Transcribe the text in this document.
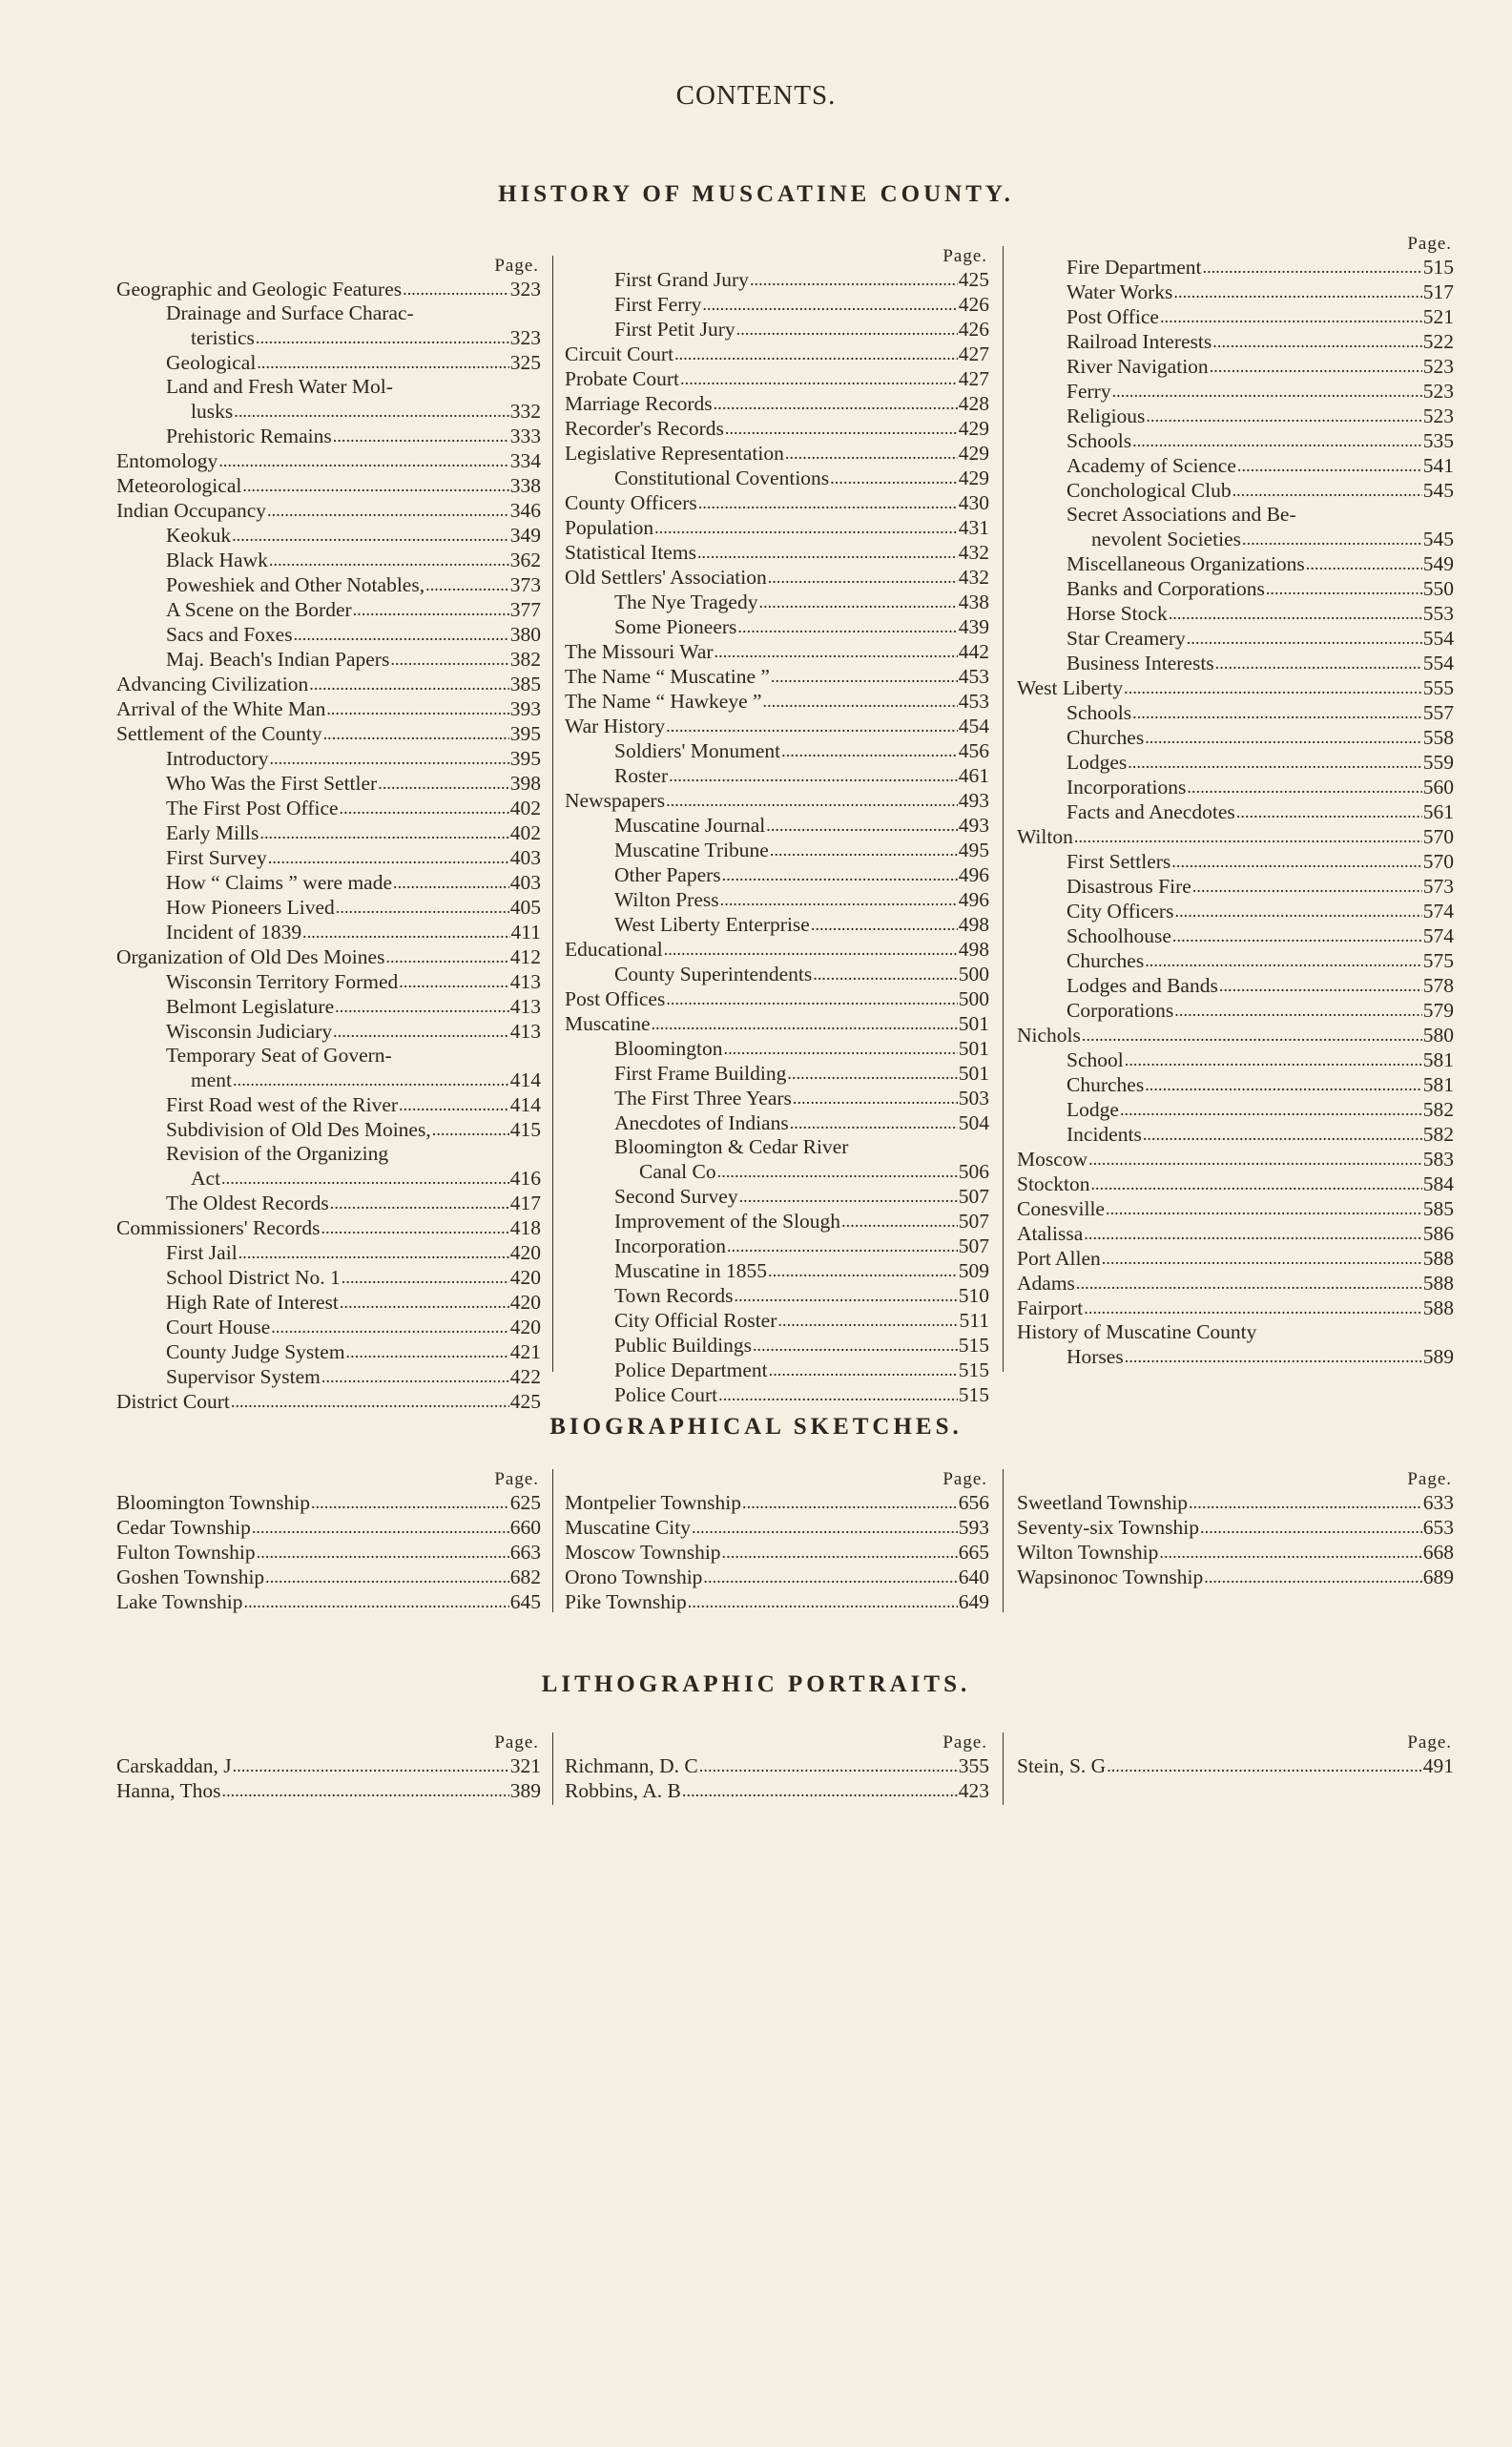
CONTENTS.
HISTORY OF MUSCATINE COUNTY.
Page.
Geographic and Geologic Features . . .	323
Drainage and Surface Charac-
teristics . . .	323
Geological . . .	325
Land and Fresh Water Mol-
lusks . . .	332
Prehistoric Remains . . .	333
Entomology . . .	334
Meteorological . . .	338
Indian Occupancy . . .	346
Keokuk . . .	349
Black Hawk . . .	362
Poweshiek and Other Notables, . . .	373
A Scene on the Border . . .	377
Sacs and Foxes . . .	380
Maj. Beach's Indian Papers . . .	382
Advancing Civilization . . .	385
Arrival of the White Man . . .	393
Settlement of the County . . .	395
Introductory . . .	395
Who Was the First Settler . . .	398
The First Post Office . . .	402
Early Mills . . .	402
First Survey . . .	403
How “ Claims ” were made . . .	403
How Pioneers Lived . . .	405
Incident of 1839 . . .	411
Organization of Old Des Moines . . .	412
Wisconsin Territory Formed . . .	413
Belmont Legislature . . .	413
Wisconsin Judiciary . . .	413
Temporary Seat of Govern-
ment . . .	414
First Road west of the River . . .	414
Subdivision of Old Des Moines, . . .	415
Revision of the Organizing
Act . . .	416
The Oldest Records . . .	417
Commissioners' Records . . .	418
First Jail . . .	420
School District No. 1 . . .	420
High Rate of Interest . . .	420
Court House . . .	420
County Judge System . . .	421
Supervisor System . . .	422
District Court . . .	425
Page.
First Grand Jury . . .	425
First Ferry . . .	426
First Petit Jury . . .	426
Circuit Court . . .	427
Probate Court . . .	427
Marriage Records . . .	428
Recorder's Records . . .	429
Legislative Representation . . .	429
Constitutional Coventions . . .	429
County Officers . . .	430
Population . . .	431
Statistical Items . . .	432
Old Settlers' Association . . .	432
The Nye Tragedy . . .	438
Some Pioneers . . .	439
The Missouri War . . .	442
The Name “ Muscatine ” . . .	453
The Name “ Hawkeye ” . . .	453
War History . . .	454
Soldiers' Monument . . .	456
Roster . . .	461
Newspapers . . .	493
Muscatine Journal . . .	493
Muscatine Tribune . . .	495
Other Papers . . .	496
Wilton Press . . .	496
West Liberty Enterprise . . .	498
Educational . . .	498
County Superintendents . . .	500
Post Offices . . .	500
Muscatine . . .	501
Bloomington . . .	501
First Frame Building . . .	501
The First Three Years . . .	503
Anecdotes of Indians . . .	504
Bloomington & Cedar River
Canal Co . . .	506
Second Survey . . .	507
Improvement of the Slough . . .	507
Incorporation . . .	507
Muscatine in 1855 . . .	509
Town Records . . .	510
City Official Roster . . .	511
Public Buildings . . .	515
Police Department . . .	515
Police Court . . .	515
Page.
Fire Department . . .	515
Water Works . . .	517
Post Office . . .	521
Railroad Interests . . .	522
River Navigation . . .	523
Ferry . . .	523
Religious . . .	523
Schools . . .	535
Academy of Science . . .	541
Conchological Club . . .	545
Secret Associations and Be-
nevolent Societies . . .	545
Miscellaneous Organizations . . .	549
Banks and Corporations . . .	550
Horse Stock . . .	553
Star Creamery . . .	554
Business Interests . . .	554
West Liberty . . .	555
Schools . . .	557
Churches . . .	558
Lodges . . .	559
Incorporations . . .	560
Facts and Anecdotes . . .	561
Wilton . . .	570
First Settlers . . .	570
Disastrous Fire . . .	573
City Officers . . .	574
Schoolhouse . . .	574
Churches . . .	575
Lodges and Bands . . .	578
Corporations . . .	579
Nichols . . .	580
School . . .	581
Churches . . .	581
Lodge . . .	582
Incidents . . .	582
Moscow . . .	583
Stockton . . .	584
Conesville . . .	585
Atalissa . . .	586
Port Allen . . .	588
Adams . . .	588
Fairport . . .	588
History of Muscatine County
Horses . . .	589
BIOGRAPHICAL SKETCHES.
Page.
Bloomington Township . . .	625
Cedar Township . . .	660
Fulton Township . . .	663
Goshen Township . . .	682
Lake Township . . .	645
Page.
Montpelier Township . . .	656
Muscatine City . . .	593
Moscow Township . . .	665
Orono Township . . .	640
Pike Township . . .	649
Page.
Sweetland Township . . .	633
Seventy-six Township . . .	653
Wilton Township . . .	668
Wapsinonoc Township . . .	689
LITHOGRAPHIC PORTRAITS.
Page.
Carskaddan, J . . .	321
Hanna, Thos . . .	389
Page.
Richmann, D. C . . .	355
Robbins, A. B . . .	423
Page.
Stein, S. G . . .	491
